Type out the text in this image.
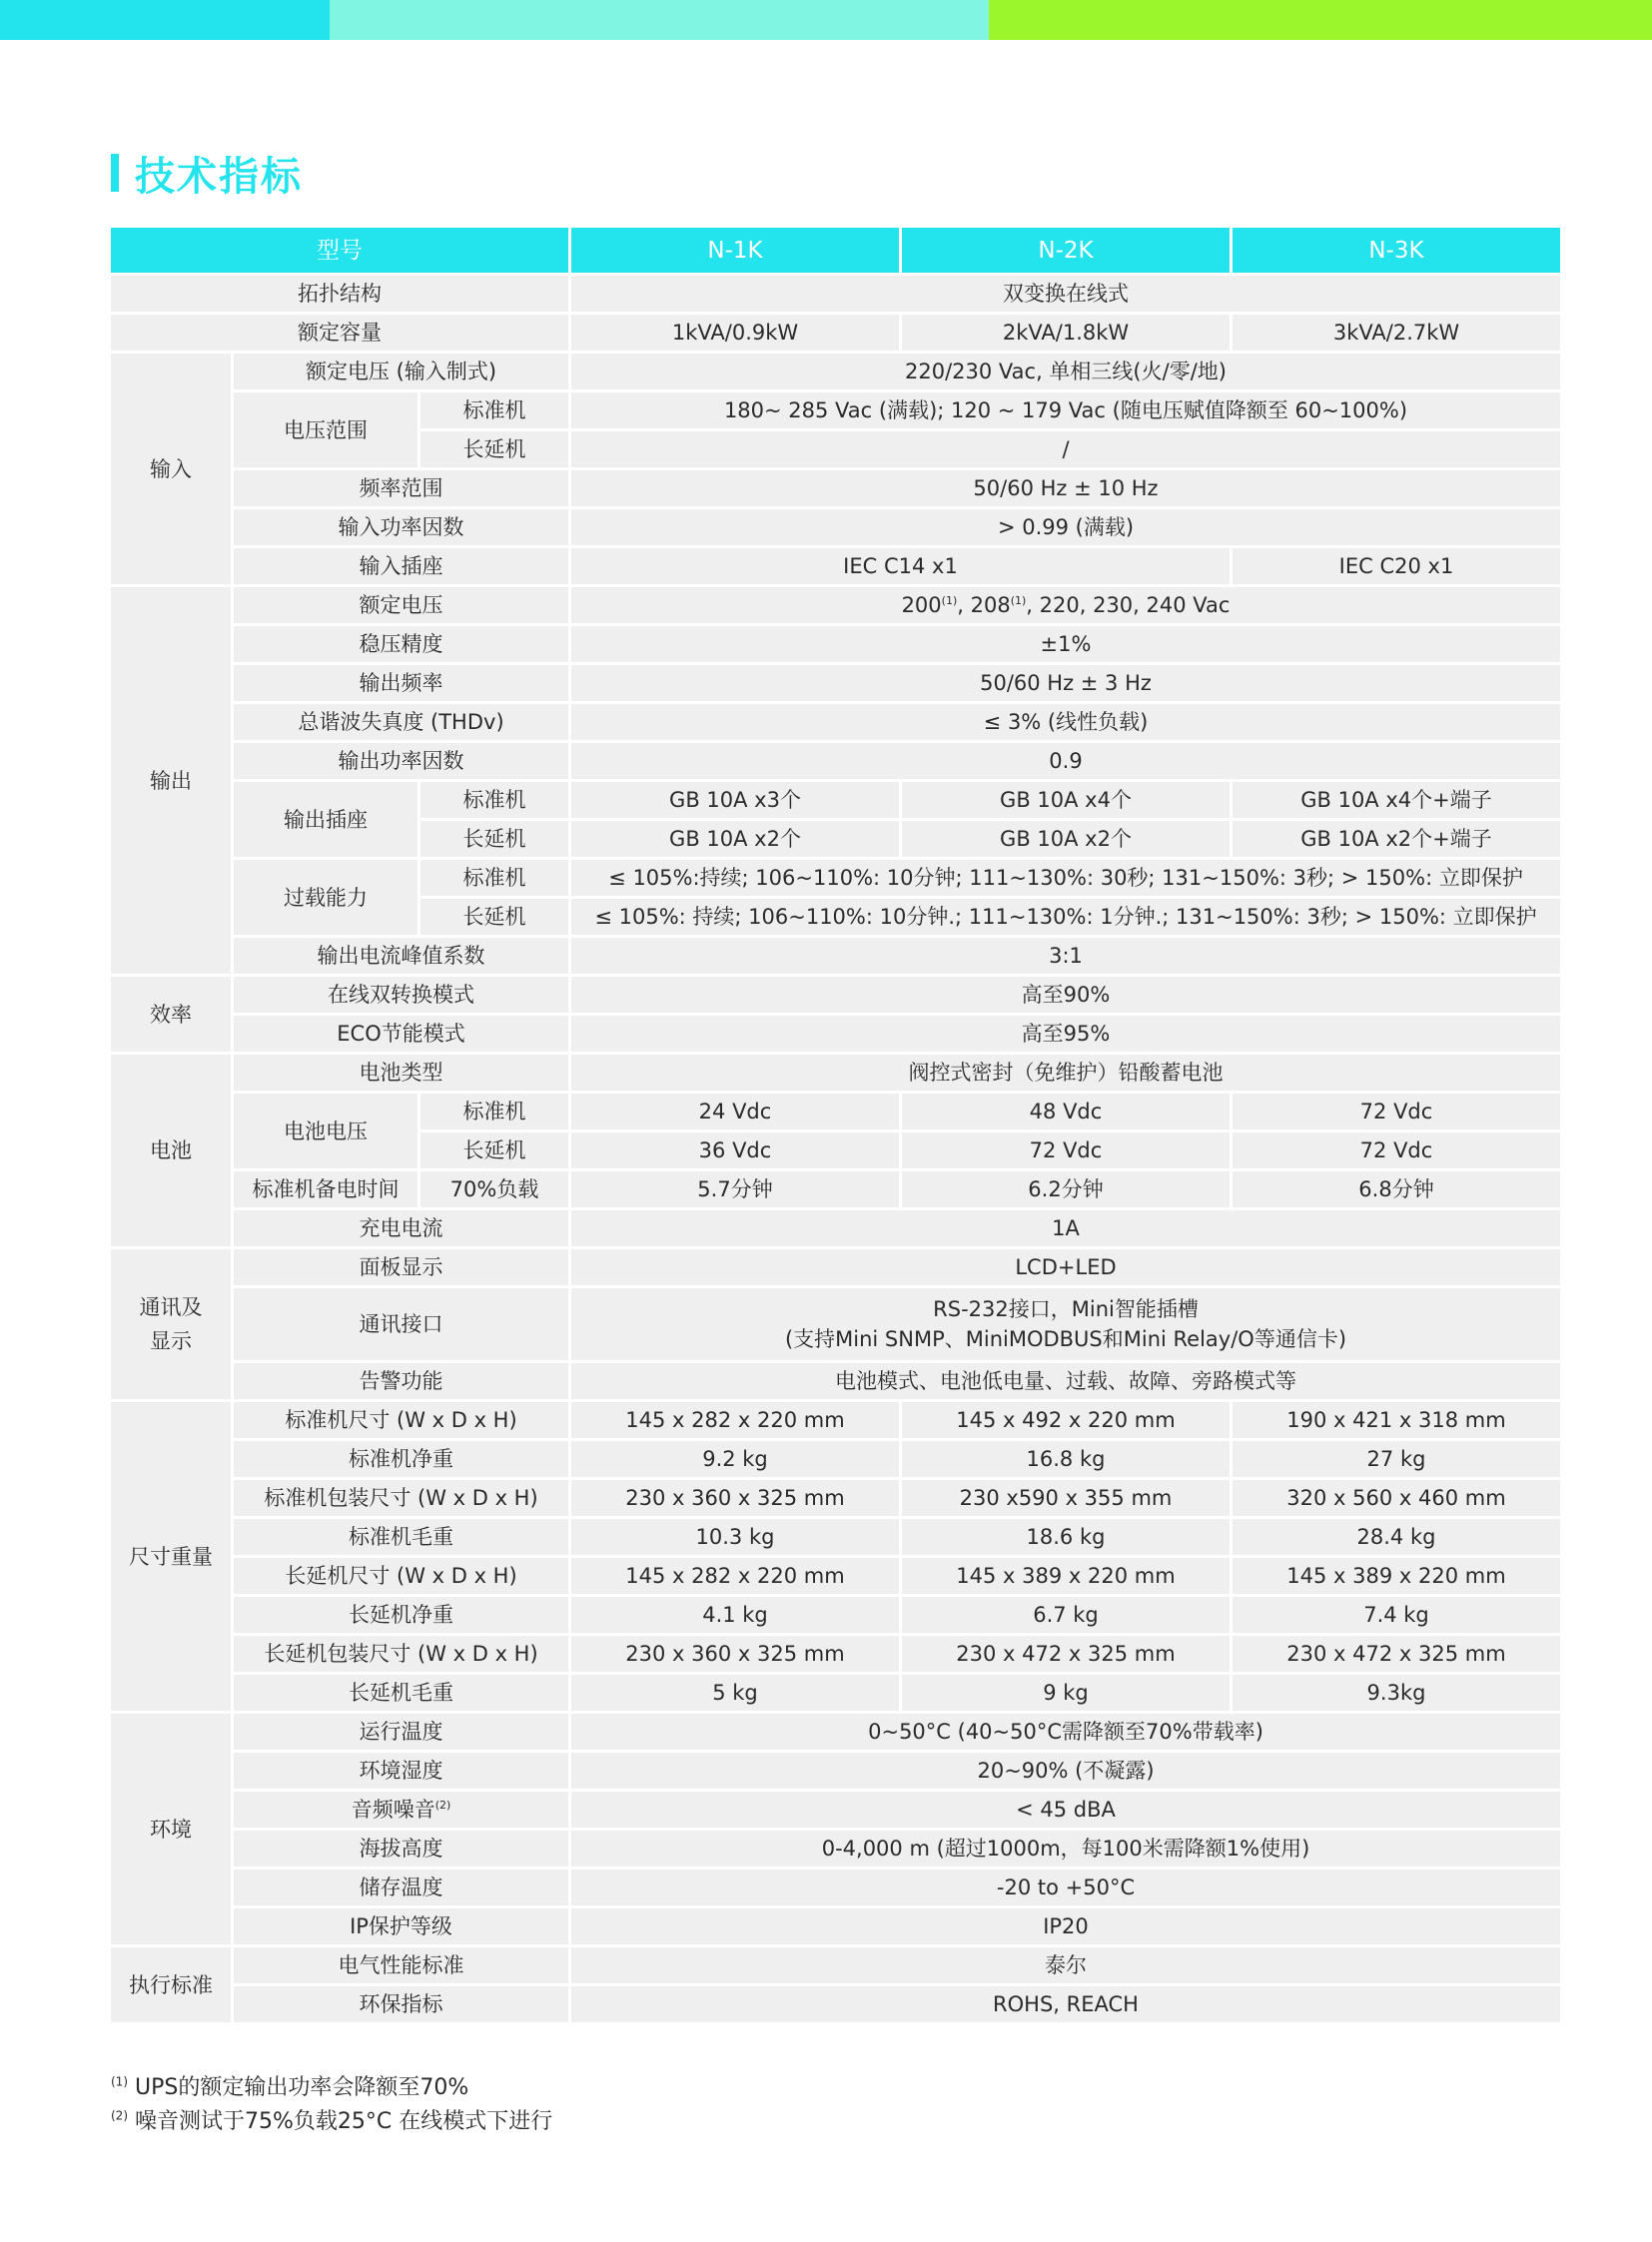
技术指标
型号			N-1K	N-2K	N-3K
拓扑结构			双变换在线式		
额定容量			1kVA/0.9kW	2kVA/1.8kW	3kVA/2.7kW
输入	额定电压 (输入制式)		220/230 Vac, 单相三线(火/零/地)		
	电压范围	标准机	180~ 285 Vac (满载); 120 ~ 179 Vac (随电压赋值降额至 60~100%)		
		长延机	/		
	频率范围		50/60 Hz ± 10 Hz		
	输入功率因数		> 0.99 (满载)		
	输入插座		IEC C14 x1		IEC C20 x1
输出	额定电压		200$^{(1)}$, 208$^{(1)}$, 220, 230, 240 Vac		
	稳压精度		±1%		
	输出频率		50/60 Hz ± 3 Hz		
	总谐波失真度 (THDv)		≤ 3% (线性负载)		
	输出功率因数		0.9		
	输出插座	标准机	GB 10A x3个	GB 10A x4个	GB 10A x4个+端子
		长延机	GB 10A x2个	GB 10A x2个	GB 10A x2个+端子
	过载能力	标准机	≤ 105%:持续; 106~110%: 10分钟; 111~130%: 30秒; 131~150%: 3秒; > 150%: 立即保护		
		长延机	≤ 105%: 持续; 106~110%: 10分钟.; 111~130%: 1分钟.; 131~150%: 3秒; > 150%: 立即保护		
	输出电流峰值系数		3:1		
效率	在线双转换模式		高至90%		
	ECO节能模式		高至95%		
电池	电池类型		阀控式密封（免维护）铅酸蓄电池		
	电池电压	标准机	24 Vdc	48 Vdc	72 Vdc
		长延机	36 Vdc	72 Vdc	72 Vdc
	标准机备电时间	70%负载	5.7分钟	6.2分钟	6.8分钟
	充电电流		1A		
通讯及
显示	面板显示		LCD+LED		
	通讯接口		RS-232接口，Mini智能插槽
(支持Mini SNMP、MiniMODBUS和Mini Relay/O等通信卡)		
	告警功能		电池模式、电池低电量、过载、故障、旁路模式等		
尺寸重量	标准机尺寸 (W x D x H)		145 x 282 x 220 mm	145 x 492 x 220 mm	190 x 421 x 318 mm
	标准机净重		9.2 kg	16.8 kg	27 kg
	标准机包装尺寸 (W x D x H)		230 x 360 x 325 mm	230 x590 x 355 mm	320 x 560 x 460 mm
	标准机毛重		10.3 kg	18.6 kg	28.4 kg
	长延机尺寸 (W x D x H)		145 x 282 x 220 mm	145 x 389 x 220 mm	145 x 389 x 220 mm
	长延机净重		4.1 kg	6.7 kg	7.4 kg
	长延机包装尺寸 (W x D x H)		230 x 360 x 325 mm	230 x 472 x 325 mm	230 x 472 x 325 mm
	长延机毛重		5 kg	9 kg	9.3kg
环境	运行温度		0~50°C (40~50°C需降额至70%带载率)		
	环境湿度		20~90% (不凝露)		
	音频噪音$^{(2)}$		< 45 dBA		
	海拔高度		0-4,000 m (超过1000m，每100米需降额1%使用)		
	储存温度		-20 to +50°C		
	IP保护等级		IP20		
执行标准	电气性能标准		泰尔		
	环保指标		ROHS, REACH		
$^{(1)}$ UPS的额定输出功率会降额至70%
$^{(2)}$ 噪音测试于75%负载25°C 在线模式下进行
